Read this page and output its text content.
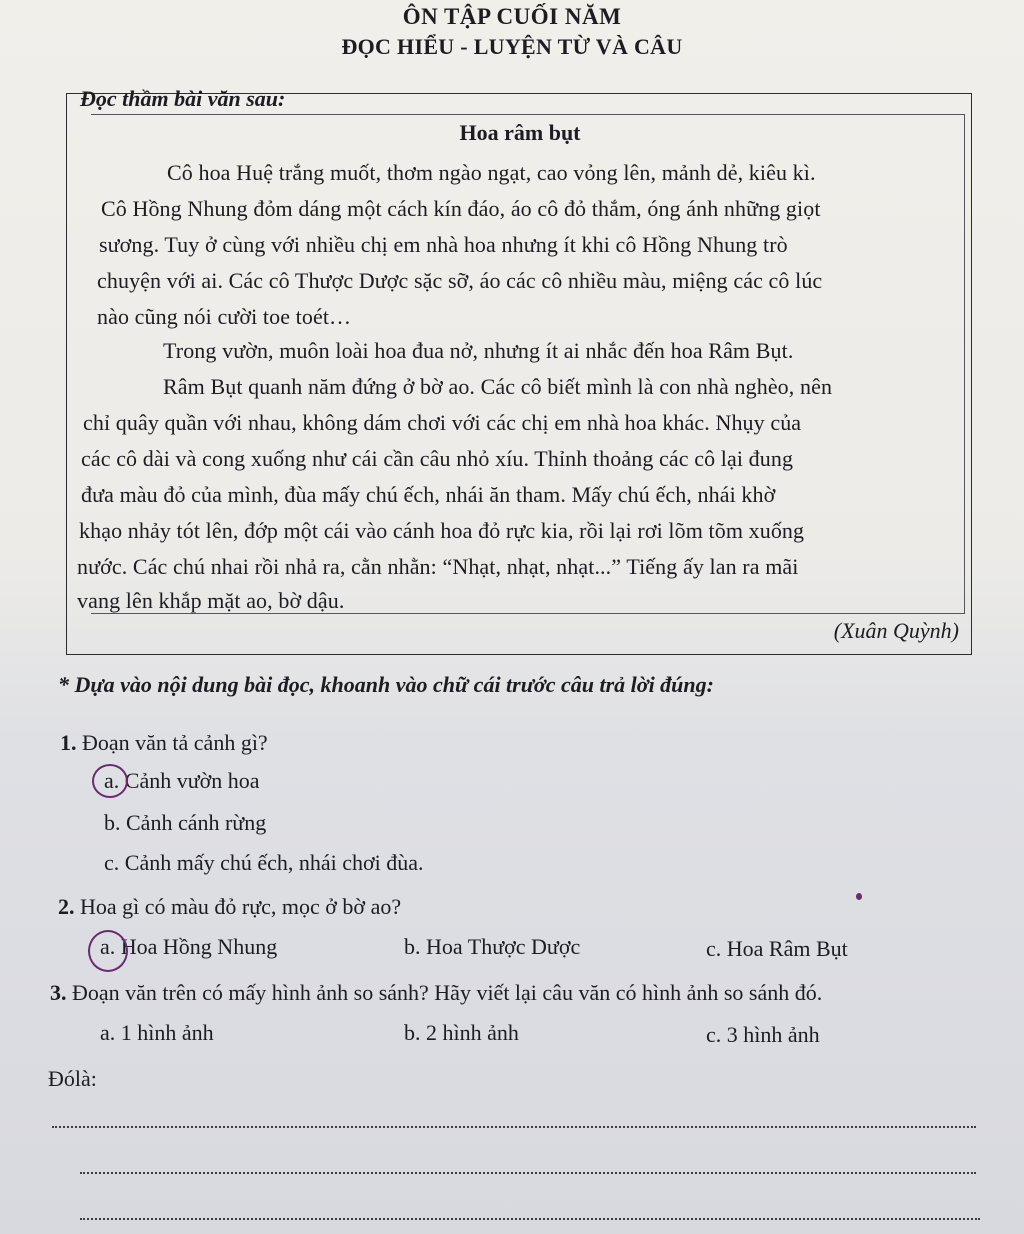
ÔN TẬP CUỐI NĂM
ĐỌC HIỂU - LUYỆN TỪ VÀ CÂU
Hoa râm bụt
Cô hoa Huệ trắng muốt, thơm ngào ngạt, cao vỏng lên, mảnh dẻ, kiêu kì.
Cô Hồng Nhung đỏm dáng một cách kín đáo, áo cô đỏ thắm, óng ánh những giọt
sương. Tuy ở cùng với nhiều chị em nhà hoa nhưng ít khi cô Hồng Nhung trò
chuyện với ai. Các cô Thược Dược sặc sỡ, áo các cô nhiều màu, miệng các cô lúc
nào cũng nói cười toe toét…
Trong vườn, muôn loài hoa đua nở, nhưng ít ai nhắc đến hoa Râm Bụt.
Râm Bụt quanh năm đứng ở bờ ao. Các cô biết mình là con nhà nghèo, nên
chỉ quây quần với nhau, không dám chơi với các chị em nhà hoa khác. Nhụy của
các cô dài và cong xuống như cái cần câu nhỏ xíu. Thỉnh thoảng các cô lại đung
đưa màu đỏ của mình, đùa mấy chú ếch, nhái ăn tham. Mấy chú ếch, nhái khờ
khạo nhảy tót lên, đớp một cái vào cánh hoa đỏ rực kia, rồi lại rơi lõm tõm xuống
nước. Các chú nhai rồi nhả ra, cằn nhằn: “Nhạt, nhạt, nhạt...” Tiếng ấy lan ra mãi
vang lên khắp mặt ao, bờ dậu.
(Xuân Quỳnh)
Đọc thầm bài văn sau:
* Dựa vào nội dung bài đọc, khoanh vào chữ cái trước câu trả lời đúng:
1. Đoạn văn tả cảnh gì?
a. Cảnh vườn hoa
b. Cảnh cánh rừng
c. Cảnh mấy chú ếch, nhái chơi đùa.
2. Hoa gì có màu đỏ rực, mọc ở bờ ao?
a. Hoa Hồng Nhung	b. Hoa Thược Dược	c. Hoa Râm Bụt
3. Đoạn văn trên có mấy hình ảnh so sánh? Hãy viết lại câu văn có hình ảnh so sánh đó.
a. 1 hình ảnh	b. 2 hình ảnh	c. 3 hình ảnh
Đólà:
